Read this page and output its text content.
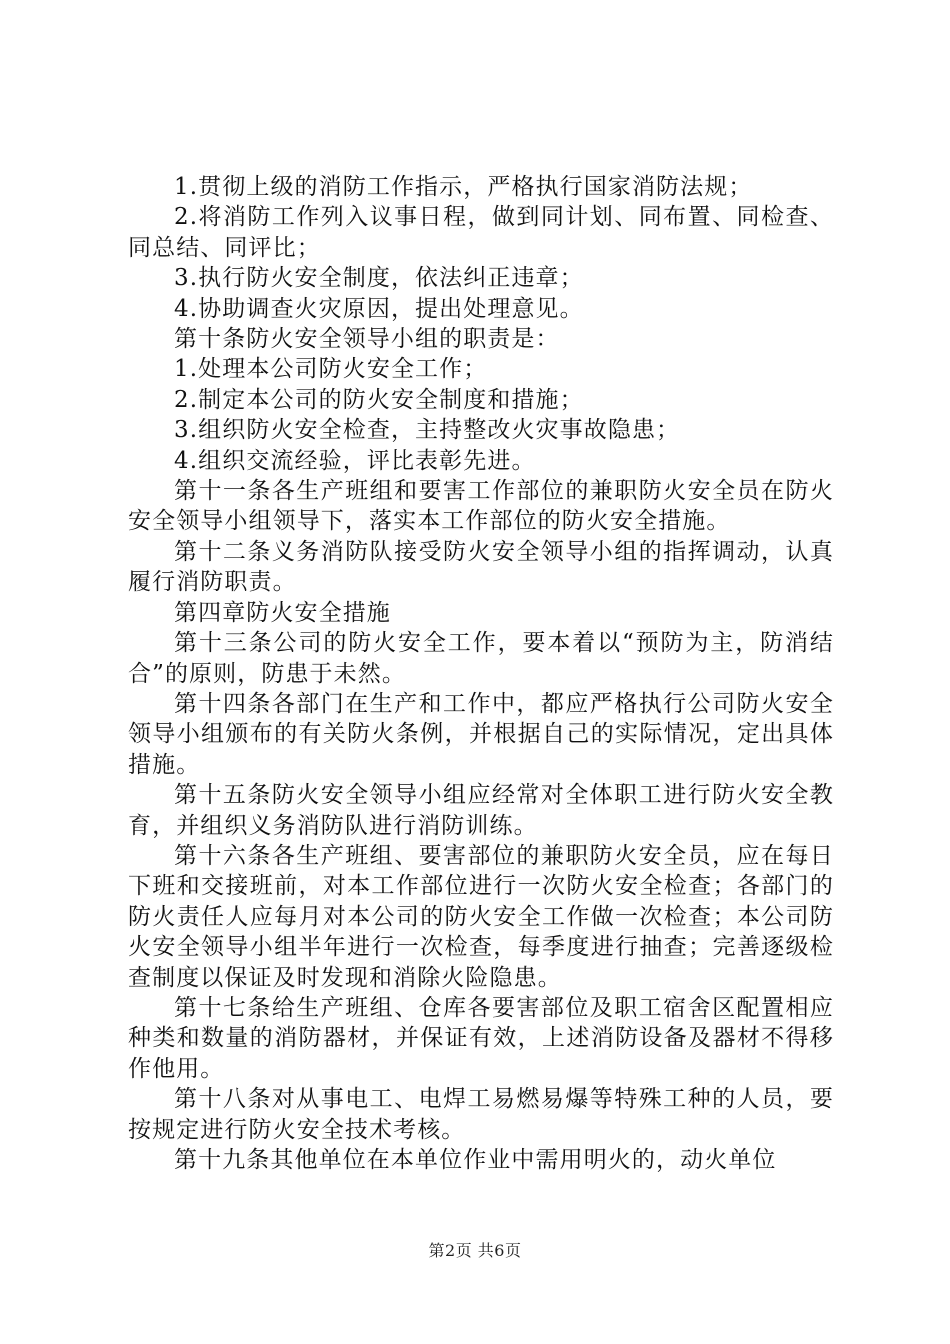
1.贯彻上级的消防工作指示，严格执行国家消防法规；

2.将消防工作列入议事日程，做到同计划、同布置、同检查、同总结、同评比；

3.执行防火安全制度，依法纠正违章；

4.协助调查火灾原因，提出处理意见。

第十条防火安全领导小组的职责是：

1.处理本公司防火安全工作；

2.制定本公司的防火安全制度和措施；

3.组织防火安全检查，主持整改火灾事故隐患；

4.组织交流经验，评比表彰先进。

第十一条各生产班组和要害工作部位的兼职防火安全员在防火安全领导小组领导下，落实本工作部位的防火安全措施。

第十二条义务消防队接受防火安全领导小组的指挥调动，认真履行消防职责。

第四章防火安全措施

第十三条公司的防火安全工作，要本着以“预防为主，防消结合”的原则，防患于未然。

第十四条各部门在生产和工作中，都应严格执行公司防火安全领导小组颁布的有关防火条例，并根据自己的实际情况，定出具体措施。

第十五条防火安全领导小组应经常对全体职工进行防火安全教育，并组织义务消防队进行消防训练。

第十六条各生产班组、要害部位的兼职防火安全员，应在每日下班和交接班前，对本工作部位进行一次防火安全检查；各部门的防火责任人应每月对本公司的防火安全工作做一次检查；本公司防火安全领导小组半年进行一次检查，每季度进行抽查；完善逐级检查制度以保证及时发现和消除火险隐患。

第十七条给生产班组、仓库各要害部位及职工宿舍区配置相应种类和数量的消防器材，并保证有效，上述消防设备及器材不得移作他用。

第十八条对从事电工、电焊工易燃易爆等特殊工种的人员，要按规定进行防火安全技术考核。

第十九条其他单位在本单位作业中需用明火的，动火单位

第2页 共6页
